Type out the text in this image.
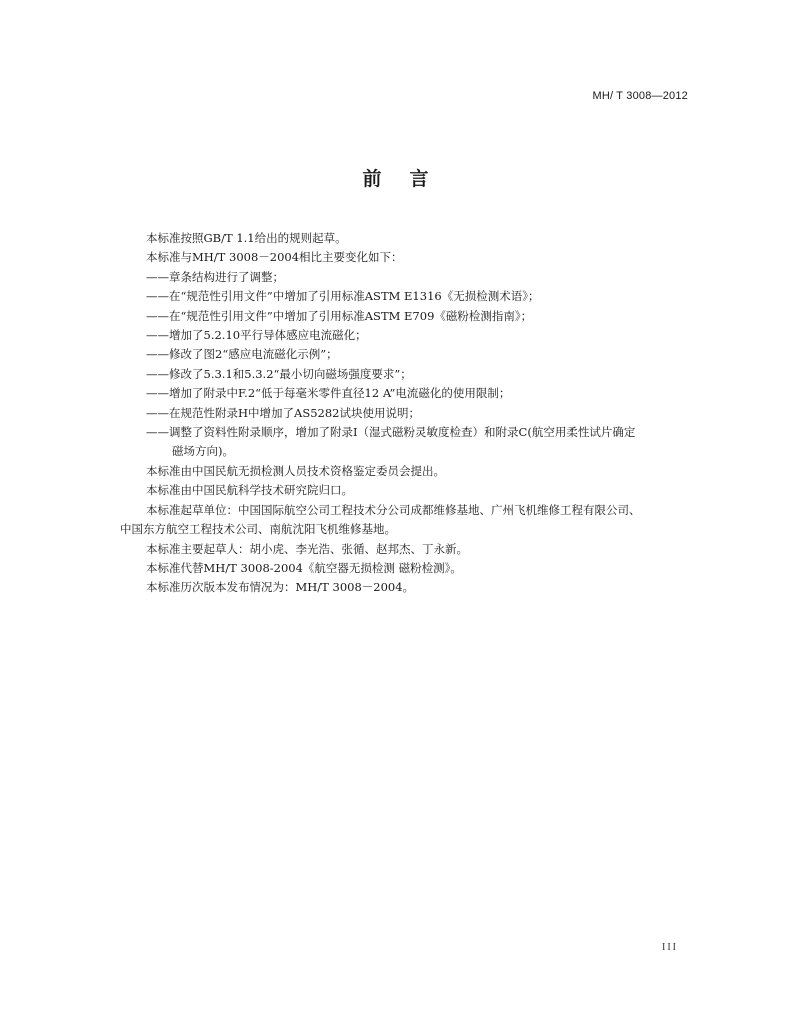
MH/ T 3008—2012
前言

本标准按照GB/T 1.1给出的规则起草。

本标准与MH/T 3008－2004相比主要变化如下：

——章条结构进行了调整；

——在“规范性引用文件”中增加了引用标准ASTM E1316《无损检测术语》；

——在“规范性引用文件”中增加了引用标准ASTM E709《磁粉检测指南》；

——增加了5.2.10平行导体感应电流磁化；

——修改了图2“感应电流磁化示例”；

——修改了5.3.1和5.3.2“最小切向磁场强度要求”；

——增加了附录中F.2“低于每毫米零件直径12 A”电流磁化的使用限制；

——在规范性附录H中增加了AS5282试块使用说明；

——调整了资料性附录顺序，增加了附录I（湿式磁粉灵敏度检查）和附录C(航空用柔性试片确定
磁场方向)。

本标准由中国民航无损检测人员技术资格鉴定委员会提出。

本标准由中国民航科学技术研究院归口。

本标准起草单位：中国国际航空公司工程技术分公司成都维修基地、广州飞机维修工程有限公司、

中国东方航空工程技术公司、南航沈阳飞机维修基地。

本标准主要起草人：胡小虎、李光浩、张循、赵邦杰、丁永新。

本标准代替MH/T 3008-2004《航空器无损检测 磁粉检测》。

本标准历次版本发布情况为：MH/T 3008－2004。

III
